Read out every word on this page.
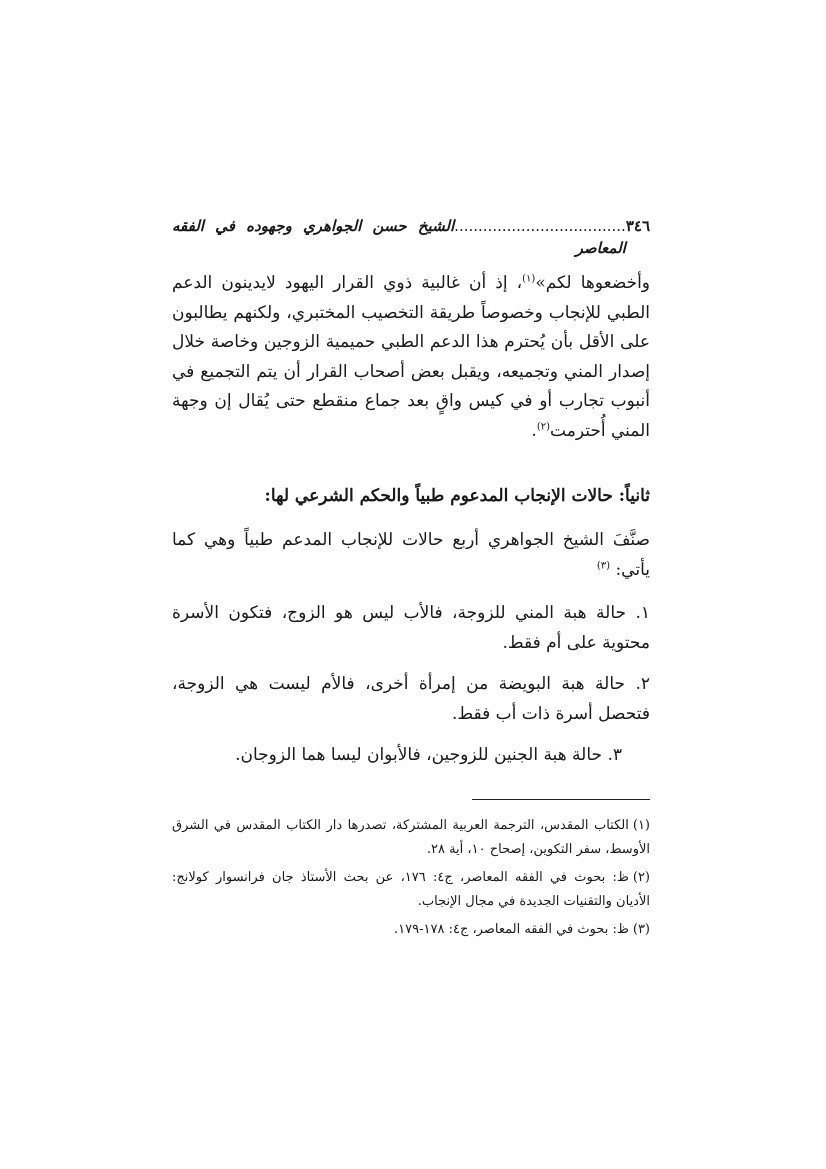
٣٤٦
....................................الشيخ حسن الجواهري وجهوده في الفقه المعاصر

وأخضعوها لكم»$^{(١)}$، إذ أن غالبية ذوي القرار اليهود لايدينون الدعم الطبي للإنجاب وخصوصاً طريقة التخصيب المختبري، ولكنهم يطالبون على الأقل بأن يُحترم هذا الدعم الطبي حميمية الزوجين وخاصة خلال إصدار المني وتجميعه، ويقبل بعض أصحاب القرار أن يتم التجميع في أنبوب تجارب أو في كيس واقٍ بعد جماع منقطع حتى يُقال إن وجهة المني أُحترمت$^{(٢)}$.

ثانياً: حالات الإنجاب المدعوم طبياً والحكم الشرعي لها:

صنَّفَ الشيخ الجواهري أربع حالات للإنجاب المدعم طبياً وهي كما يأتي: $^{(٣)}$

١. حالة هبة المني للزوجة، فالأب ليس هو الزوج، فتكون الأسرة محتوية على أم فقط.

٢. حالة هبة البويضة من إمرأة أخرى، فالأم ليست هي الزوجة، فتحصل أسرة ذات أب فقط.

٣. حالة هبة الجنين للزوجين، فالأبوان ليسا هما الزوجان.

(١)الكتاب المقدس، الترجمة العربية المشتركة، تصدرها دار الكتاب المقدس في الشرق الأوسط، سفر التكوين، إصحاح ١٠، أية ٢٨.

(٢)ظ: بحوث في الفقه المعاصر، ج٤: ١٧٦، عن بحث الأستاذ جان فرانسوار كولانج: الأديان والتقنيات الجديدة في مجال الإنجاب.

(٣)ظ: بحوث في الفقه المعاصر، ج٤: ١٧٨-١٧٩.
